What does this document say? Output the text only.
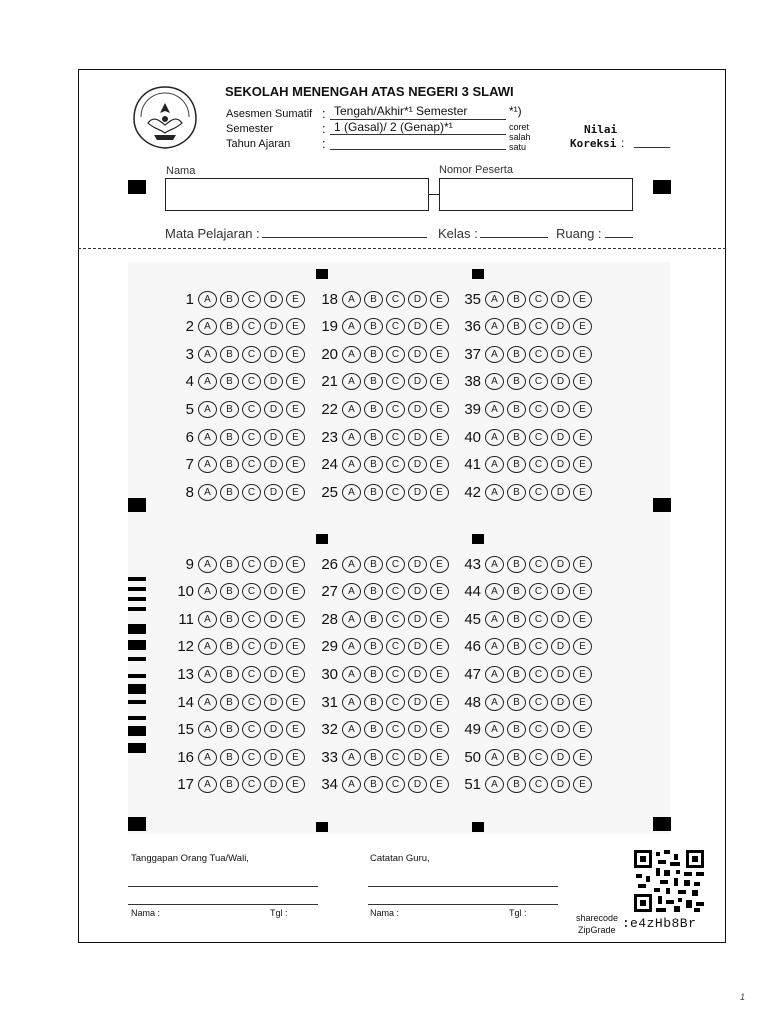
SEKOLAH MENENGAH ATAS NEGERI 3 SLAWI
Asesmen Sumatif : Tengah/Akhir*¹ Semester	*¹)
Semester	: 1 (Gasal)/ 2 (Genap)*¹
Tahun Ajaran :
coret
salah
satu
Nilai
Koreksi :
Nama	Nomor Peserta
Mata Pelajaran :	Kelas :	Ruang :
1	A	B	C	D	E
2	A	B	C	D	E
3	A	B	C	D	E
4	A	B	C	D	E
5	A	B	C	D	E
6	A	B	C	D	E
7	A	B	C	D	E
8	A	B	C	D	E
18	A	B	C	D	E
19	A	B	C	D	E
20	A	B	C	D	E
21	A	B	C	D	E
22	A	B	C	D	E
23	A	B	C	D	E
24	A	B	C	D	E
25	A	B	C	D	E
35	A	B	C	D	E
36	A	B	C	D	E
37	A	B	C	D	E
38	A	B	C	D	E
39	A	B	C	D	E
40	A	B	C	D	E
41	A	B	C	D	E
42	A	B	C	D	E
9	A	B	C	D	E
10	A	B	C	D	E
11	A	B	C	D	E
12	A	B	C	D	E
13	A	B	C	D	E
14	A	B	C	D	E
15	A	B	C	D	E
16	A	B	C	D	E
17	A	B	C	D	E
26	A	B	C	D	E
27	A	B	C	D	E
28	A	B	C	D	E
29	A	B	C	D	E
30	A	B	C	D	E
31	A	B	C	D	E
32	A	B	C	D	E
33	A	B	C	D	E
34	A	B	C	D	E
43	A	B	C	D	E
44	A	B	C	D	E
45	A	B	C	D	E
46	A	B	C	D	E
47	A	B	C	D	E
48	A	B	C	D	E
49	A	B	C	D	E
50	A	B	C	D	E
51	A	B	C	D	E
Tanggapan Orang Tua/Wali,
Nama :	Tgl :
Catatan Guru,
Nama :	Tgl :	sharecode
ZipGrade : e4zHb8Br
1
